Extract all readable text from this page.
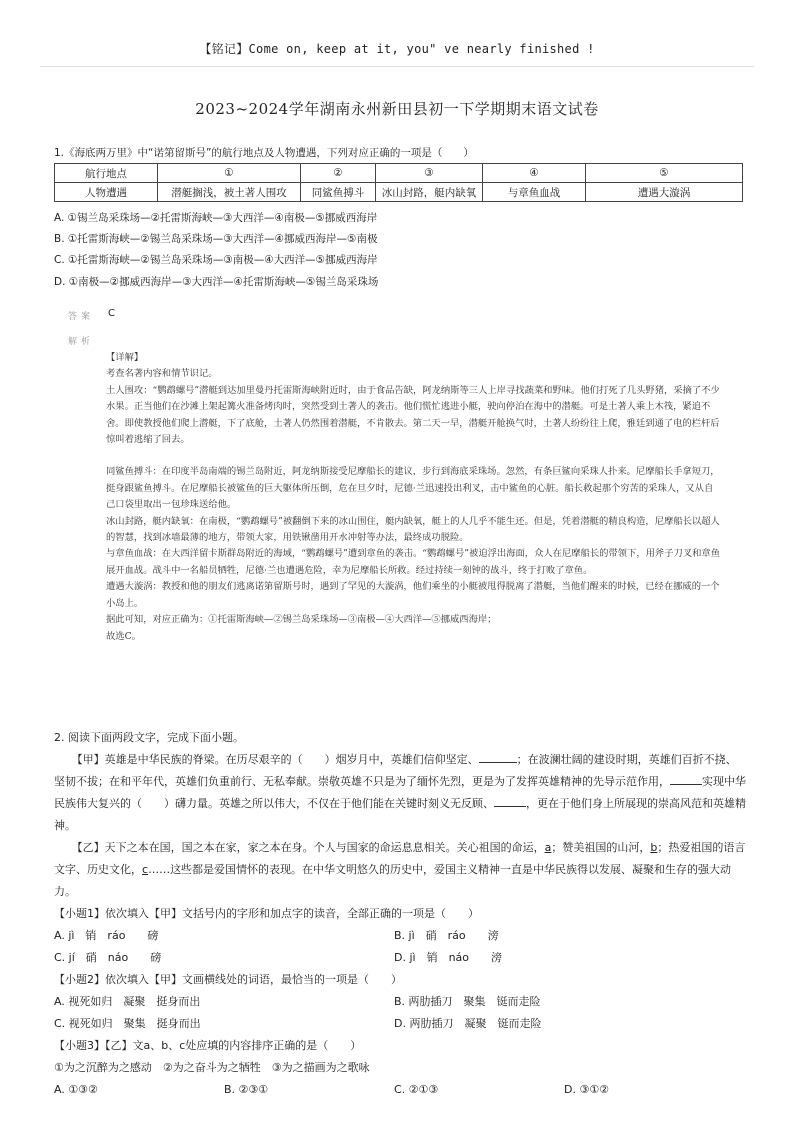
【铭记】Come on, keep at it, you" ve nearly finished !
2023~2024学年湖南永州新田县初一下学期期末语文试卷
1.《海底两万里》中“诺第留斯号”的航行地点及人物遭遇，下列对应正确的一项是（　　）
航行地点	①	②	③	④	⑤
人物遭遇	潜艇搁浅，被土著人围攻	同鲨鱼搏斗	冰山封路，艇内缺氧	与章鱼血战	遭遇大漩涡
A. ①锡兰岛采珠场—②托雷斯海峡—③大西洋—④南极—⑤挪威西海岸
B. ①托雷斯海峡—②锡兰岛采珠场—③大西洋—④挪威西海岸—⑤南极
C. ①托雷斯海峡—②锡兰岛采珠场—③南极—④大西洋—⑤挪威西海岸
D. ①南极—②挪威西海岸—③大西洋—④托雷斯海峡—⑤锡兰岛采珠场
答案 C
解析

【详解】

考查名著内容和情节识记。

土人围攻：“鹦鹉螺号”潜艇到达加里曼丹托雷斯海峡附近时，由于食品告缺，阿龙纳斯等三人上岸寻找蔬菜和野味。他们打死了几头野猪，采摘了不少水果。正当他们在沙滩上架起篝火准备烤肉时，突然受到土著人的袭击。他们慌忙逃进小艇，驶向停泊在海中的潜艇。可是土著人乘上木筏，紧追不舍。即使教授他们爬上潜艇，下了底舱，土著人仍然围着潜艇，不肯散去。第二天一早，潜艇开舱换气时，土著人纷纷往上爬，雅廷到通了电的栏杆后惊叫着逃缩了回去。

同鲨鱼搏斗：在印度半岛南端的锡兰岛附近，阿龙纳斯接受尼摩船长的建议，步行到海底采珠场。忽然，有条巨鲨向采珠人扑来。尼摩船长手拿短刀，挺身跟鲨鱼搏斗。在尼摩船长被鲨鱼的巨大躯体所压倒，危在旦夕时，尼德·兰迅速投出利叉，击中鲨鱼的心脏。船长救起那个穷苦的采珠人，又从自己口袋里取出一包珍珠送给他。

冰山封路，艇内缺氧：在南极，“鹦鹉螺号”被翻倒下来的冰山围住，艇内缺氧，艇上的人几乎不能生还。但是，凭着潜艇的精良构造，尼摩船长以超人的智慧，找到冰墙最薄的地方，带领大家，用铁锹凿用开水冲射等办法，最终成功脱险。

与章鱼血战：在大西洋留卡斯群岛附近的海域，“鹦鹉螺号”遭到章鱼的袭击。“鹦鹉螺号”被迫浮出海面，众人在尼摩船长的带领下，用斧子刀叉和章鱼展开血战。战斗中一名船员牺牲，尼德·兰也遭遇危险，幸为尼摩船长所救。经过持续一刻钟的战斗，终于打败了章鱼。

遭遇大漩涡：教授和他的朋友们逃离诺第留斯号时，遇到了罕见的大漩涡，他们乘坐的小艇被甩得脱离了潜艇，当他们醒来的时候，已经在挪威的一个小岛上。

据此可知，对应正确为：①托雷斯海峡—②锡兰岛采珠场—③南极—④大西洋—⑤挪威西海岸；

故选C。

2. 阅读下面两段文字，完成下面小题。

【甲】英雄是中华民族的脊梁。在历尽艰辛的（　　）烟岁月中，英雄们信仰坚定、	；在波澜壮阔的建设时期，英雄们百折不挠、坚韧不拔；在和平年代，英雄们负重前行、无私奉献。崇敬英雄不只是为了缅怀先烈，更是为了发挥英雄精神的先导示范作用，	实现中华民族伟大复兴的（　　）礴力量。英雄之所以伟大，不仅在于他们能在关键时刻义无反顾、	，更在于他们身上所展现的崇高风范和英雄精神。

【乙】天下之本在国，国之本在家，家之本在身。个人与国家的命运息息相关。关心祖国的命运，a；赞美祖国的山河，b；热爱祖国的语言文字、历史文化，c……这些都是爱国情怀的表现。在中华文明悠久的历史中，爱国主义精神一直是中华民族得以发展、凝聚和生存的强大动力。

【小题1】依次填入【甲】文括号内的字形和加点字的读音，全部正确的一项是（　　）
A. jì　销　ráo　　磅	B. jì　硝　ráo　　滂
C. jí　硝　náo　　磅	D. jì　销　náo　　滂
【小题2】依次填入【甲】文画横线处的词语，最恰当的一项是（　　）
A. 视死如归　凝聚　挺身而出	B. 两肋插刀　聚集　铤而走险
C. 视死如归　聚集　挺身而出	D. 两肋插刀　凝聚　铤而走险
【小题3】【乙】文a、b、c处应填的内容排序正确的是（　　）
①为之沉醉为之感动　②为之奋斗为之牺牲　③为之描画为之歌咏
A. ①③②	B. ②③①	C. ②①③	D. ③①②
